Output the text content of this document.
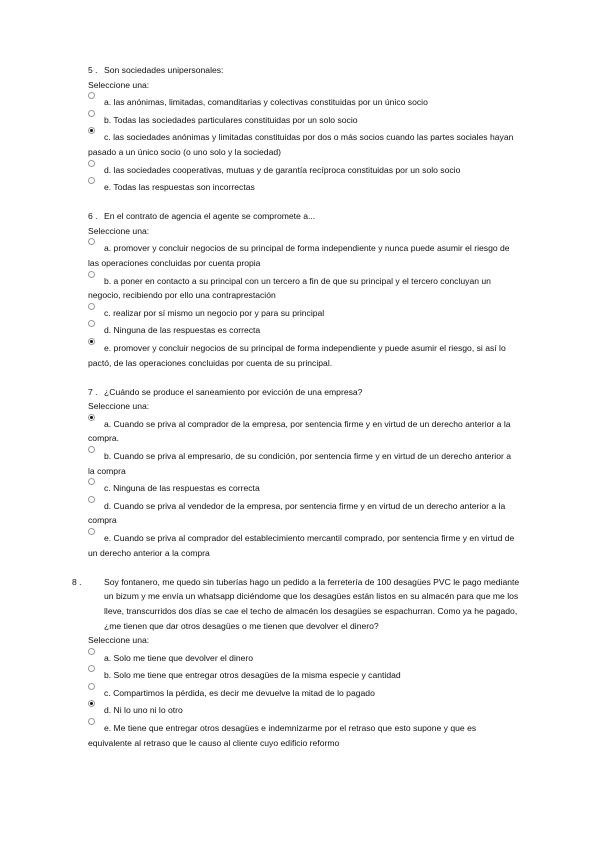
5 . Son sociedades unipersonales:
Seleccione una:
a. las anónimas, limitadas, comanditarias y colectivas constituidas por un único socio
b. Todas las sociedades particulares constituidas por un solo socio
c. las sociedades anónimas y limitadas constituidas por dos o más socios cuando las partes sociales hayan pasado a un único socio (o uno solo y la sociedad)
d. las sociedades cooperativas, mutuas y de garantía recíproca constituidas por un solo socio
e. Todas las respuestas son incorrectas
6 . En el contrato de agencia el agente se compromete a...
Seleccione una:
a. promover y concluir negocios de su principal de forma independiente y nunca puede asumir el riesgo de las operaciones concluidas por cuenta propia
b. a poner en contacto a su principal con un tercero a fin de que su principal y el tercero concluyan un negocio, recibiendo por ello una contraprestación
c. realizar por sí mismo un negocio por y para su principal
d. Ninguna de las respuestas es correcta
e. promover y concluir negocios de su principal de forma independiente y puede asumir el riesgo, si así lo pactó, de las operaciones concluidas por cuenta de su principal.
7 . ¿Cuándo se produce el saneamiento por evicción de una empresa?
Seleccione una:
a. Cuando se priva al comprador de la empresa, por sentencia firme y en virtud de un derecho anterior a la compra.
b. Cuando se priva al empresario, de su condición, por sentencia firme y en virtud de un derecho anterior a la compra
c. Ninguna de las respuestas es correcta
d. Cuando se priva al vendedor de la empresa, por sentencia firme y en virtud de un derecho anterior a la compra
e. Cuando se priva al comprador del establecimiento mercantil comprado, por sentencia firme y en virtud de un derecho anterior a la compra
8 .	Soy fontanero, me quedo sin tuberías hago un pedido a la ferretería de 100 desagües PVC le pago mediante un bizum y me envía un whatsapp diciéndome que los desagües están listos en su almacén para que me los lleve, transcurridos dos días se cae el techo de almacén los desagües se espachurran. Como ya he pagado, ¿me tienen que dar otros desagües o me tienen que devolver el dinero?
Seleccione una:
a. Solo me tiene que devolver el dinero
b. Solo me tiene que entregar otros desagües de la misma especie y cantidad
c. Compartimos la pérdida, es decir me devuelve la mitad de lo pagado
d. Ni lo uno ni lo otro
e. Me tiene que entregar otros desagües e indemnizarme por el retraso que esto supone y que es equivalente al retraso que le causo al cliente cuyo edificio reformo
